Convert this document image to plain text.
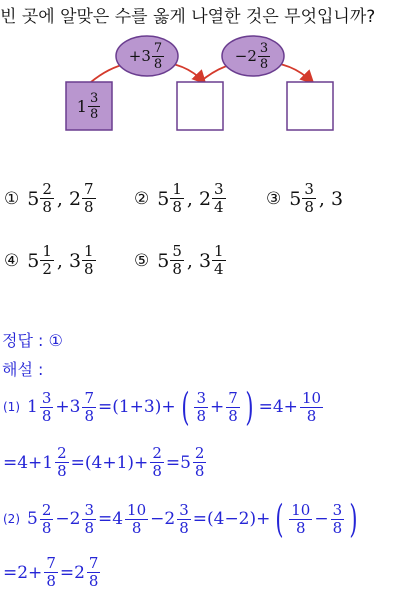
빈 곳에 알맞은 수를 옳게 나열한 것은 무엇입니까?
$+3 \frac{7}{8}$	$-2 \frac{3}{8}$
$1 \frac{3}{8}$
① $5 \frac{2}{8}$ , $2 \frac{7}{8}$ ② $5 \frac{1}{8}$ , $2 \frac{3}{4}$ ③ $5 \frac{3}{8}$ , 3
④ $5 \frac{1}{2}$ , $3 \frac{1}{8}$ ⑤ $5 \frac{5}{8}$ , $3 \frac{1}{4}$
정답 : ①
해설 :
(1) $1 \frac{3}{8} +3 \frac{7}{8} =(1+3)+$ ( $\frac{3}{8} + \frac{7}{8}$ ) $=4+ \frac{10}{8}$
$=4+1 \frac{2}{8} =(4+1)+ \frac{2}{8} =5 \frac{2}{8}$
(2) $5 \frac{2}{8} -2 \frac{3}{8} =4 \frac{10}{8} -2 \frac{3}{8} =(4-2)+$ ( $\frac{10}{8} - \frac{3}{8}$ )
$=2+ \frac{7}{8} =2 \frac{7}{8}$
